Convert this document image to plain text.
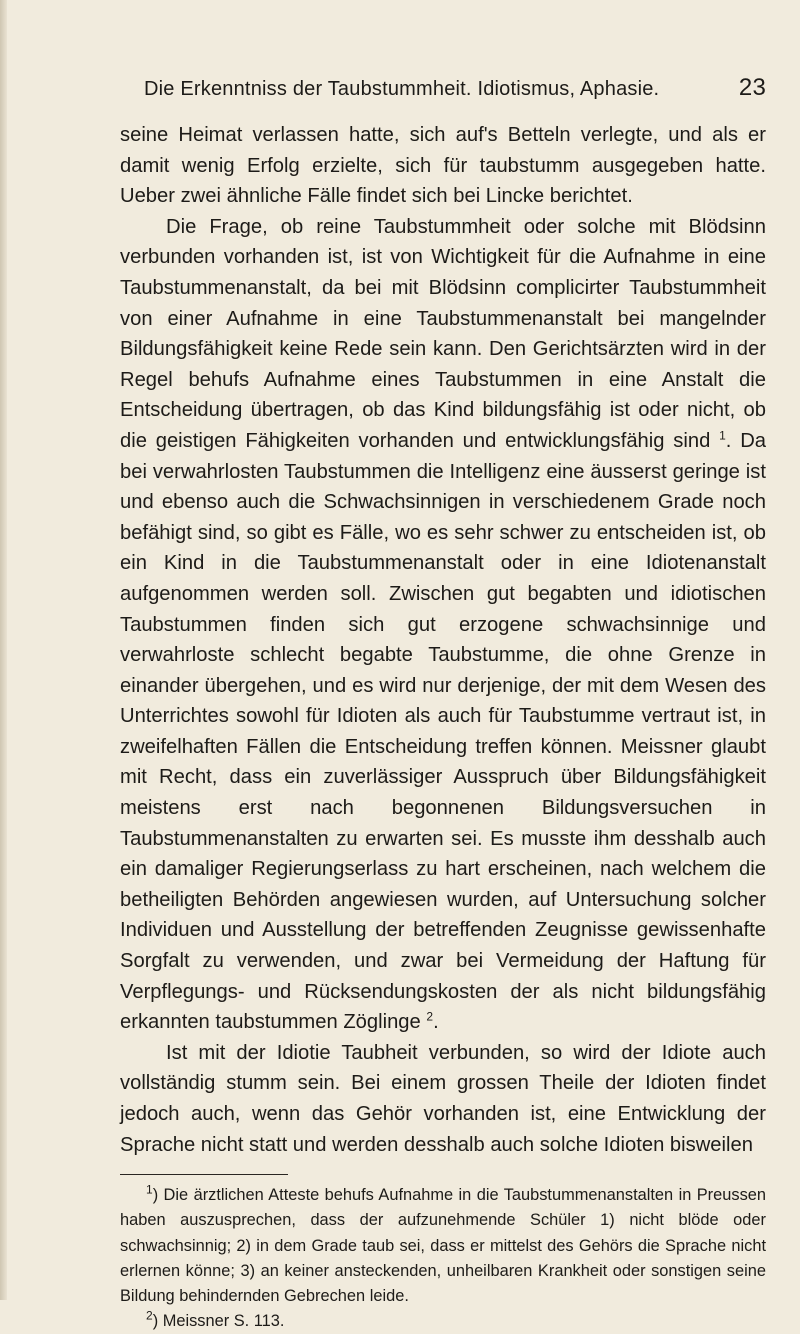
Die Erkenntniss der Taubstummheit. Idiotismus, Aphasie.	23

seine Heimat verlassen hatte, sich auf's Betteln verlegte, und als er damit wenig Erfolg erzielte, sich für taubstumm ausgegeben hatte. Ueber zwei ähnliche Fälle findet sich bei Lincke berichtet.

Die Frage, ob reine Taubstummheit oder solche mit Blödsinn verbunden vorhanden ist, ist von Wichtigkeit für die Aufnahme in eine Taubstummenanstalt, da bei mit Blödsinn complicirter Taubstummheit von einer Aufnahme in eine Taubstummenanstalt bei mangelnder Bildungsfähigkeit keine Rede sein kann. Den Gerichtsärzten wird in der Regel behufs Aufnahme eines Taubstummen in eine Anstalt die Entscheidung übertragen, ob das Kind bildungsfähig ist oder nicht, ob die geistigen Fähigkeiten vorhanden und entwicklungsfähig sind $^1$. Da bei verwahrlosten Taubstummen die Intelligenz eine äusserst geringe ist und ebenso auch die Schwachsinnigen in verschiedenem Grade noch befähigt sind, so gibt es Fälle, wo es sehr schwer zu entscheiden ist, ob ein Kind in die Taubstummenanstalt oder in eine Idiotenanstalt aufgenommen werden soll. Zwischen gut begabten und idiotischen Taubstummen finden sich gut erzogene schwachsinnige und verwahrloste schlecht begabte Taubstumme, die ohne Grenze in einander übergehen, und es wird nur derjenige, der mit dem Wesen des Unterrichtes sowohl für Idioten als auch für Taubstumme vertraut ist, in zweifelhaften Fällen die Entscheidung treffen können. Meissner glaubt mit Recht, dass ein zuverlässiger Ausspruch über Bildungsfähigkeit meistens erst nach begonnenen Bildungsversuchen in Taubstummenanstalten zu erwarten sei. Es musste ihm desshalb auch ein damaliger Regierungserlass zu hart erscheinen, nach welchem die betheiligten Behörden angewiesen wurden, auf Untersuchung solcher Individuen und Ausstellung der betreffenden Zeugnisse gewissenhafte Sorgfalt zu verwenden, und zwar bei Vermeidung der Haftung für Verpflegungs- und Rücksendungskosten der als nicht bildungsfähig erkannten taubstummen Zöglinge $^2$.

Ist mit der Idiotie Taubheit verbunden, so wird der Idiote auch vollständig stumm sein. Bei einem grossen Theile der Idioten findet jedoch auch, wenn das Gehör vorhanden ist, eine Entwicklung der Sprache nicht statt und werden desshalb auch solche Idioten bisweilen

$^1$) Die ärztlichen Atteste behufs Aufnahme in die Taubstummenanstalten in Preussen haben auszusprechen, dass der aufzunehmende Schüler 1) nicht blöde oder schwachsinnig; 2) in dem Grade taub sei, dass er mittelst des Gehörs die Sprache nicht erlernen könne; 3) an keiner ansteckenden, unheilbaren Krankheit oder sonstigen seine Bildung behindernden Gebrechen leide.

$^2$) Meissner S. 113.
